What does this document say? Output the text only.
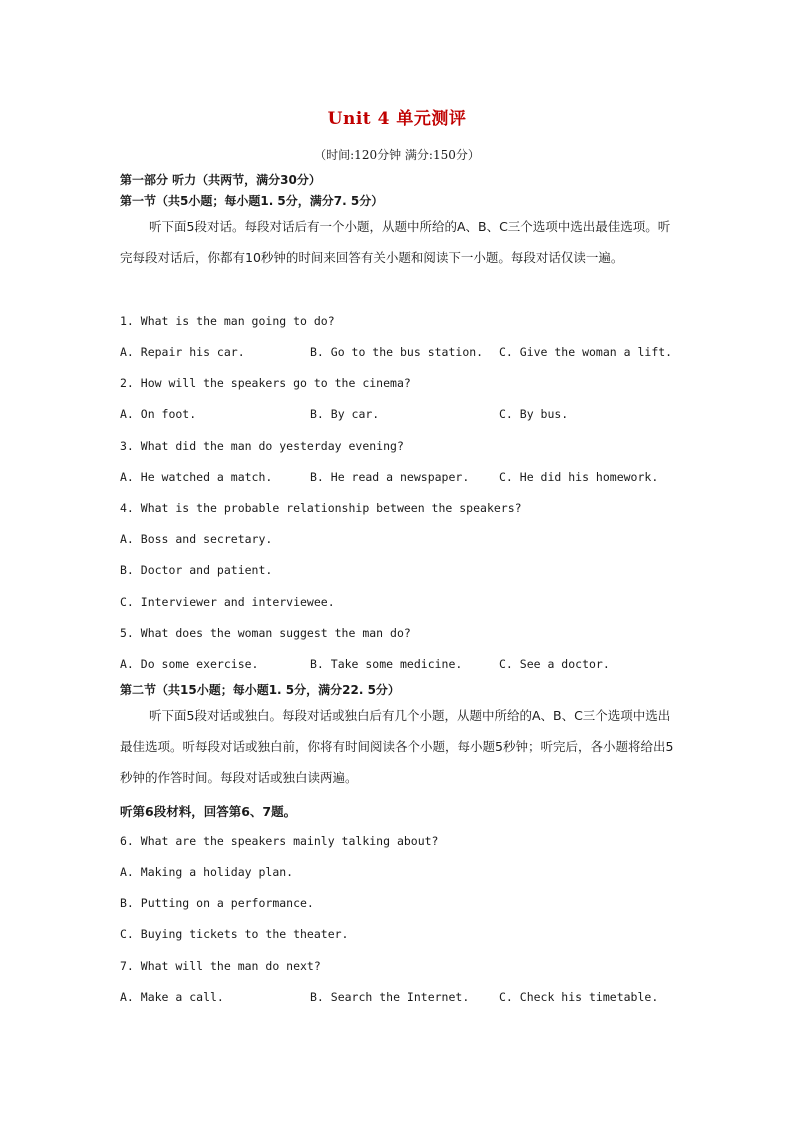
Unit 4 单元测评
（时间:120分钟 满分:150分）
第一部分 听力（共两节，满分30分）
第一节（共5小题；每小题1. 5分，满分7. 5分）
听下面5段对话。每段对话后有一个小题，从题中所给的A、B、C三个选项中选出最佳选项。听完每段对话后，你都有10秒钟的时间来回答有关小题和阅读下一小题。每段对话仅读一遍。
1. What is the man going to do?
A. Repair his car.	B. Go to the bus station. C. Give the woman a lift.
2. How will the speakers go to the cinema?
A. On foot.	B. By car.	C. By bus.
3. What did the man do yesterday evening?
A. He watched a match.	B. He read a newspaper.	C. He did his homework.
4. What is the probable relationship between the speakers?
A. Boss and secretary.
B. Doctor and patient.
C. Interviewer and interviewee.
5. What does the woman suggest the man do?
A. Do some exercise.	B. Take some medicine.	C. See a doctor.
第二节（共15小题；每小题1. 5分，满分22. 5分）
听下面5段对话或独白。每段对话或独白后有几个小题，从题中所给的A、B、C三个选项中选出最佳选项。听每段对话或独白前，你将有时间阅读各个小题，每小题5秒钟；听完后，各小题将给出5秒钟的作答时间。每段对话或独白读两遍。
听第6段材料，回答第6、7题。
6. What are the speakers mainly talking about?
A. Making a holiday plan.
B. Putting on a performance.
C. Buying tickets to the theater.
7. What will the man do next?
A. Make a call.	B. Search the Internet.	C. Check his timetable.
